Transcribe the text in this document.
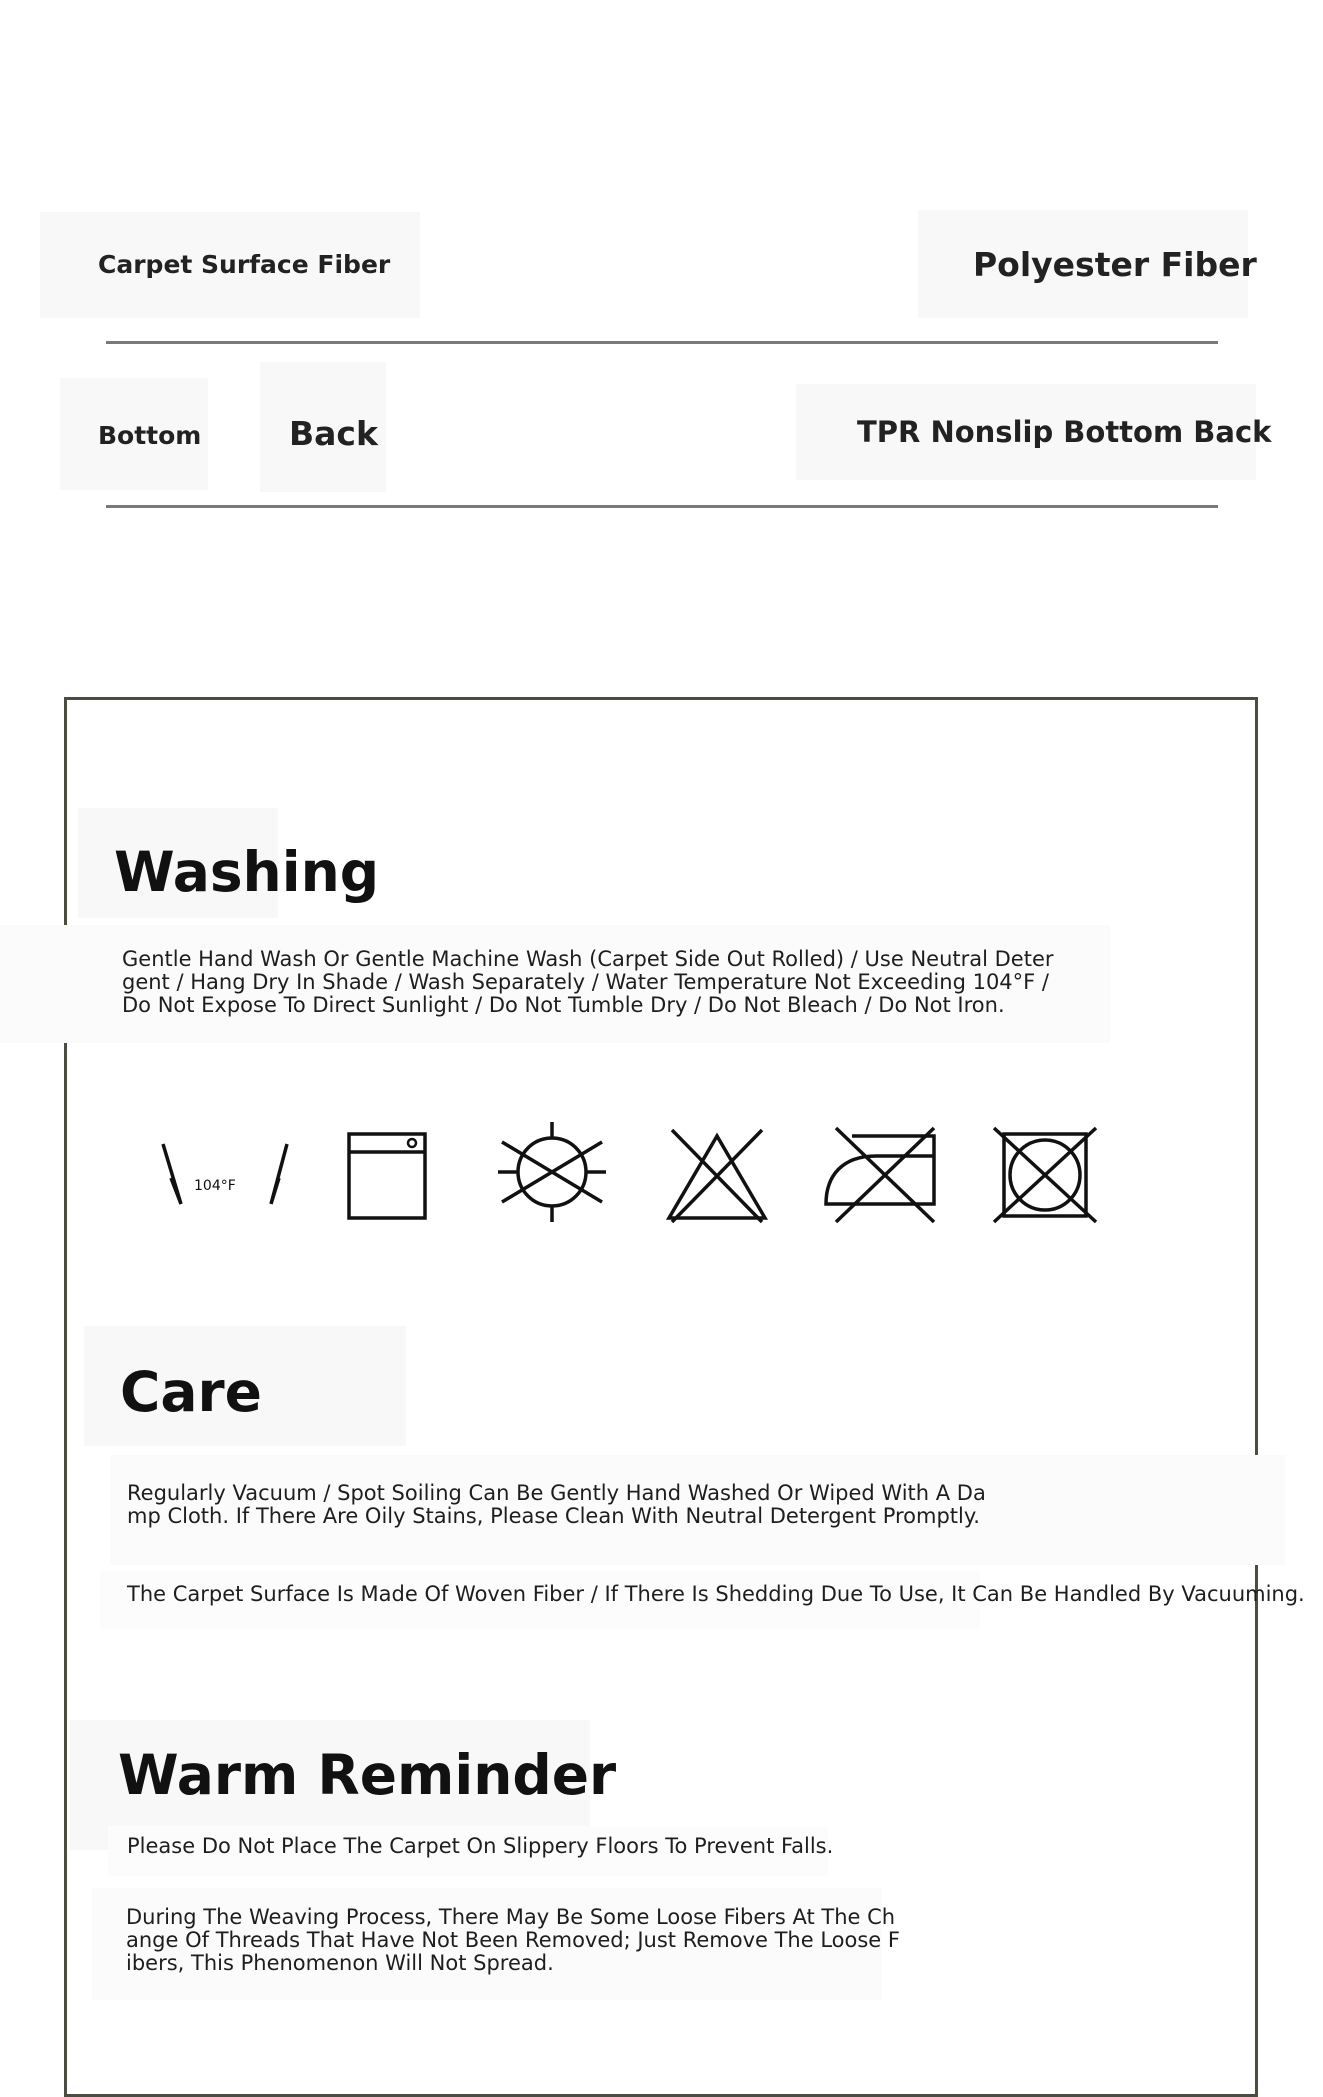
Carpet Surface Fiber	Polyester Fiber
Bottom	Back	TPR Nonslip Bottom Back
Washing
Gentle Hand Wash Or Gentle Machine Wash (Carpet Side Out Rolled) / Use Neutral Deter
gent / Hang Dry In Shade / Wash Separately / Water Temperature Not Exceeding 104°F /
Do Not Expose To Direct Sunlight / Do Not Tumble Dry / Do Not Bleach / Do Not Iron.
104°F
Care
Regularly Vacuum / Spot Soiling Can Be Gently Hand Washed Or Wiped With A Da
mp Cloth. If There Are Oily Stains, Please Clean With Neutral Detergent Promptly.
The Carpet Surface Is Made Of Woven Fiber / If There Is Shedding Due To Use, It Can Be Handled By Vacuuming.
Warm Reminder
Please Do Not Place The Carpet On Slippery Floors To Prevent Falls.
During The Weaving Process, There May Be Some Loose Fibers At The Ch
ange Of Threads That Have Not Been Removed; Just Remove The Loose F
ibers, This Phenomenon Will Not Spread.
